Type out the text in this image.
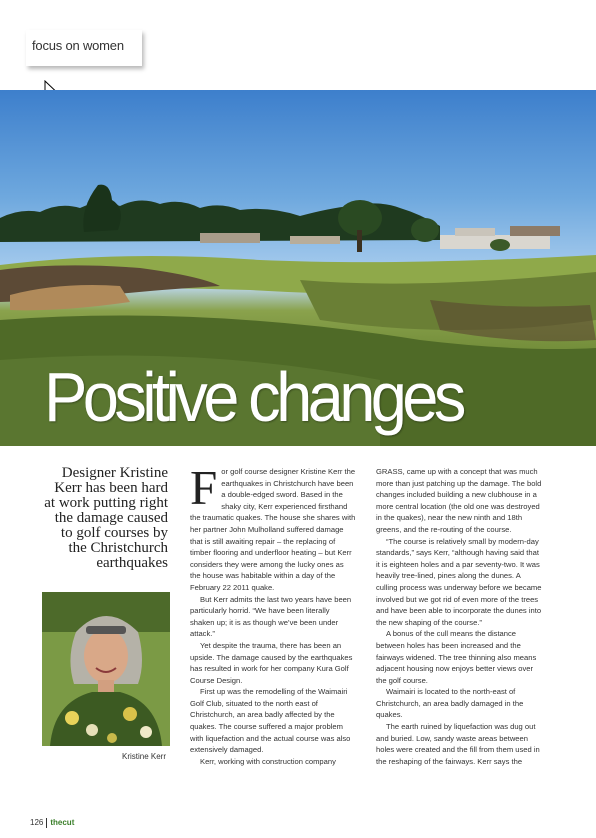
focus on women
Positive changes

Designer Kristine Kerr has been hard at work putting right the damage caused to golf courses by the Christchurch earthquakes

Kristine Kerr
F or golf course designer Kristine Kerr the earthquakes in Christchurch have been a double-edged sword. Based in the shaky city, Kerr experienced firsthand the traumatic quakes. The house she shares with her partner John Mulholland suffered damage that is still awaiting repair – the replacing of timber flooring and underfloor heating – but Kerr considers they were among the lucky ones as the house was habitable within a day of the February 22 2011 quake.

But Kerr admits the last two years have been particularly horrid. “We have been literally shaken up; it is as though we’ve been under attack.”

Yet despite the trauma, there has been an upside. The damage caused by the earthquakes has resulted in work for her company Kura Golf Course Design.

First up was the remodelling of the Waimairi Golf Club, situated to the north east of Christchurch, an area badly affected by the quakes. The course suffered a major problem with liquefaction and the actual course was also extensively damaged.

Kerr, working with construction company

GRASS, came up with a concept that was much more than just patching up the damage. The bold changes included building a new clubhouse in a more central location (the old one was destroyed in the quakes), near the new ninth and 18th greens, and the re-routing of the course.

“The course is relatively small by modern-day standards,” says Kerr, “although having said that it is eighteen holes and a par seventy-two. It was heavily tree-lined, pines along the dunes. A culling process was underway before we became involved but we got rid of even more of the trees and have been able to incorporate the dunes into the new shaping of the course.”

A bonus of the cull means the distance between holes has been increased and the fairways widened. The tree thinning also means adjacent housing now enjoys better views over the golf course.

Waimairi is located to the north-east of Christchurch, an area badly damaged in the quakes.

The earth ruined by liquefaction was dug out and buried. Low, sandy waste areas between holes were created and the fill from them used in the reshaping of the fairways. Kerr says the

126 thecut
